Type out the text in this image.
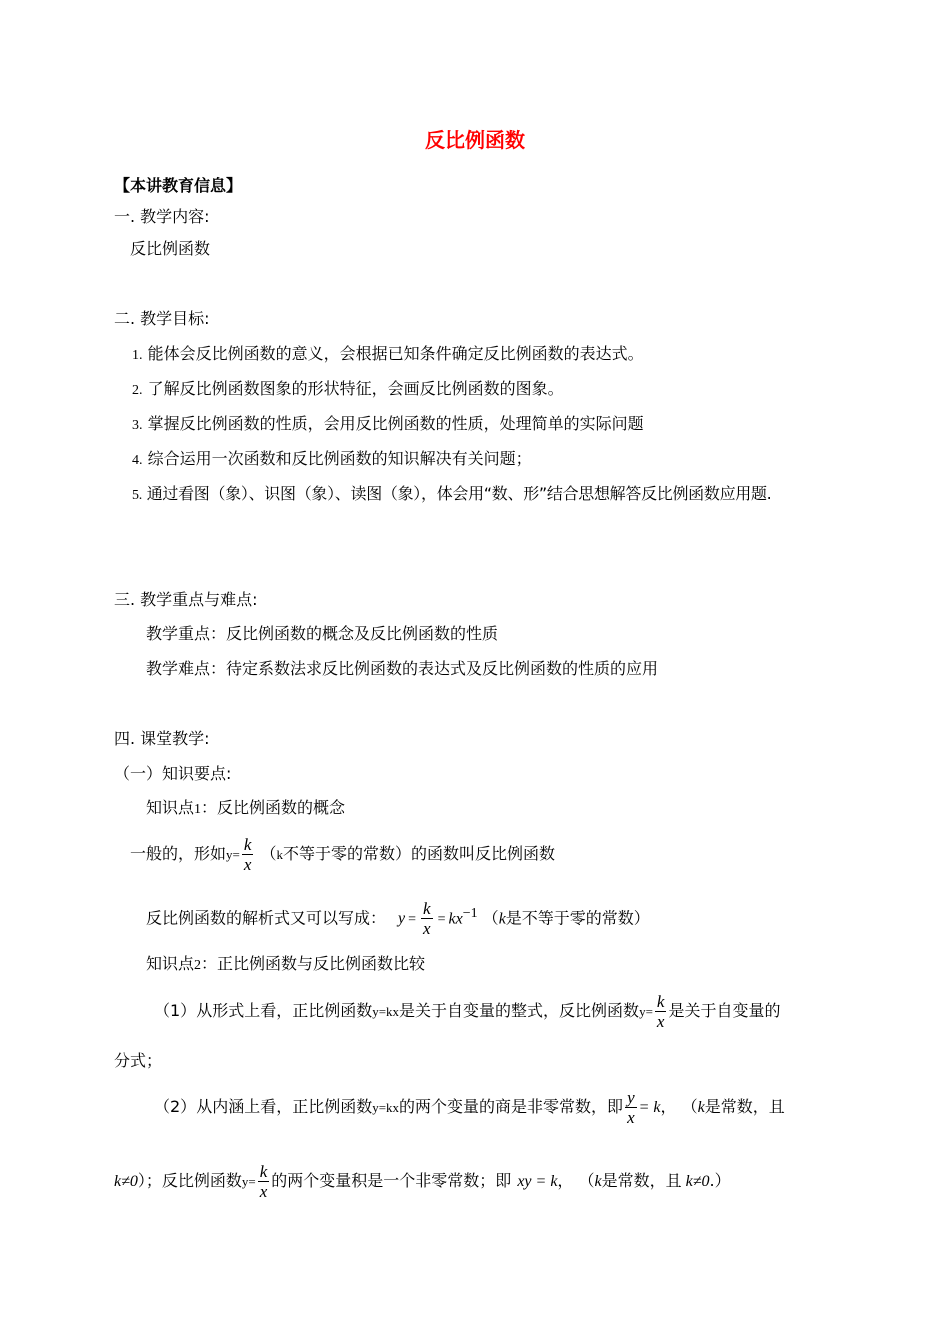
反比例函数
【本讲教育信息】
一. 教学内容:
反比例函数
二. 教学目标:
1. 能体会反比例函数的意义，会根据已知条件确定反比例函数的表达式。
2. 了解反比例函数图象的形状特征，会画反比例函数的图象。
3. 掌握反比例函数的性质，会用反比例函数的性质，处理简单的实际问题
4. 综合运用一次函数和反比例函数的知识解决有关问题；
5. 通过看图（象）、识图（象）、读图（象），体会用“数、形”结合思想解答反比例函数应用题.
三. 教学重点与难点:
教学重点：反比例函数的概念及反比例函数的性质
教学难点：待定系数法求反比例函数的表达式及反比例函数的性质的应用
四. 课堂教学:
（一）知识要点:
知识点1：反比例函数的概念
一般的，形如$y= \frac{k}{x} (k$不等于零的常数）的函数叫反比例函数
反比例函数的解析式又可以写成： $y = \frac{k}{x} = kx^{-1}$ （k是不等于零的常数）
知识点2：正比例函数与反比例函数比较
（1）从形式上看，正比例函数y=kx是关于自变量的整式，反比例函数$y= \frac{k}{x}$ 是关于自变量的
分式；
（2）从内涵上看，正比例函数y=kx的两个变量的商是非零常数，即 $\frac{y}{x} = k$， （k是常数，且
k≠0）；反比例函数$y= \frac{k}{x}$ 的两个变量积是一个非零常数；即 xy = k， （k是常数，且 k≠0.）
